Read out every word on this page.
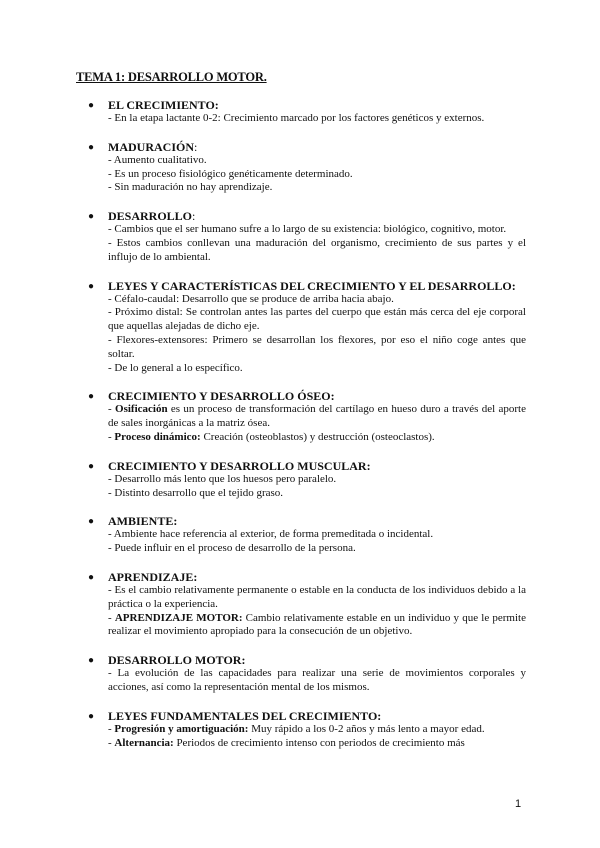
TEMA 1: DESARROLLO MOTOR.
● EL CRECIMIENTO:

- En la etapa lactante 0-2: Crecimiento marcado por los factores genéticos y externos.

● MADURACIÓN:

- Aumento cualitativo.

- Es un proceso fisiológico genéticamente determinado.

- Sin maduración no hay aprendizaje.

● DESARROLLO:

- Cambios que el ser humano sufre a lo largo de su existencia: biológico, cognitivo, motor.

- Estos cambios conllevan una maduración del organismo, crecimiento de sus partes y el influjo de lo ambiental.

● LEYES Y CARACTERÍSTICAS DEL CRECIMIENTO Y EL DESARROLLO:

- Céfalo-caudal: Desarrollo que se produce de arriba hacia abajo.

- Próximo distal: Se controlan antes las partes del cuerpo que están más cerca del eje corporal que aquellas alejadas de dicho eje.

- Flexores-extensores: Primero se desarrollan los flexores, por eso el niño coge antes que soltar.

- De lo general a lo específico.

● CRECIMIENTO Y DESARROLLO ÓSEO:

- Osificación es un proceso de transformación del cartílago en hueso duro a través del aporte de sales inorgánicas a la matriz ósea.

- Proceso dinámico: Creación (osteoblastos) y destrucción (osteoclastos).

● CRECIMIENTO Y DESARROLLO MUSCULAR:

- Desarrollo más lento que los huesos pero paralelo.

- Distinto desarrollo que el tejido graso.

● AMBIENTE:

- Ambiente hace referencia al exterior, de forma premeditada o incidental.

- Puede influir en el proceso de desarrollo de la persona.

● APRENDIZAJE:

- Es el cambio relativamente permanente o estable en la conducta de los individuos debido a la práctica o la experiencia.

- APRENDIZAJE MOTOR: Cambio relativamente estable en un individuo y que le permite realizar el movimiento apropiado para la consecución de un objetivo.

● DESARROLLO MOTOR:

- La evolución de las capacidades para realizar una serie de movimientos corporales y acciones, así como la representación mental de los mismos.

● LEYES FUNDAMENTALES DEL CRECIMIENTO:

- Progresión y amortiguación: Muy rápido a los 0-2 años y más lento a mayor edad.

- Alternancia: Periodos de crecimiento intenso con periodos de crecimiento más

1
